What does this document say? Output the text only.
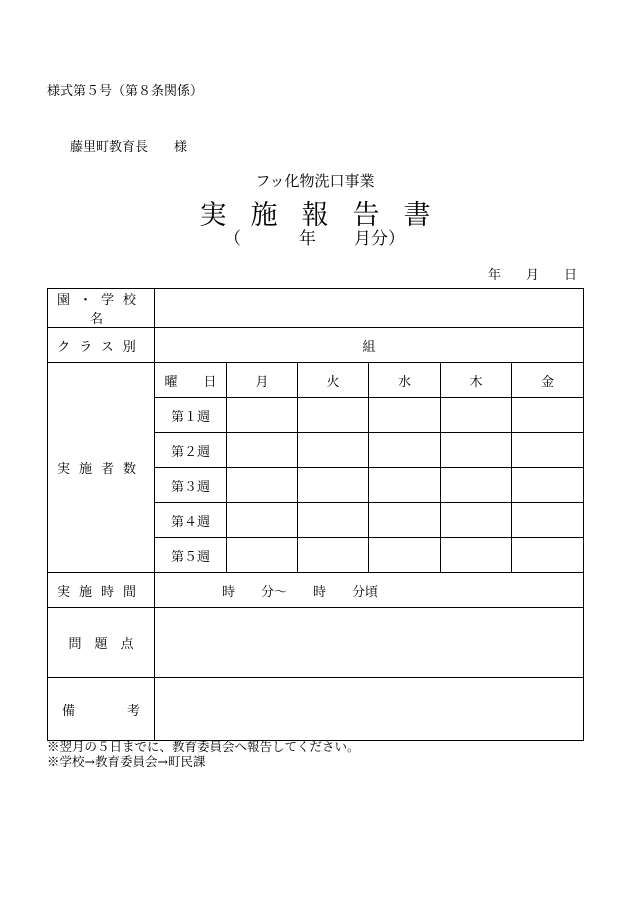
様式第５号（第８条関係）
藤里町教育長 様
フッ化物洗口事業
実施報告書
（	年 月分）
年 月 日
園・学校名						
クラス別	組					
実施者数	曜　　日	月	火	水	木	金
	第１週					
	第２週					
	第３週					
	第４週					
	第５週					
実施時間	時　　分～　　時　　分頃					
問　題　点						
備　　　　考						
※翌月の５日までに、教育委員会へ報告してください。
※学校→教育委員会→町民課
